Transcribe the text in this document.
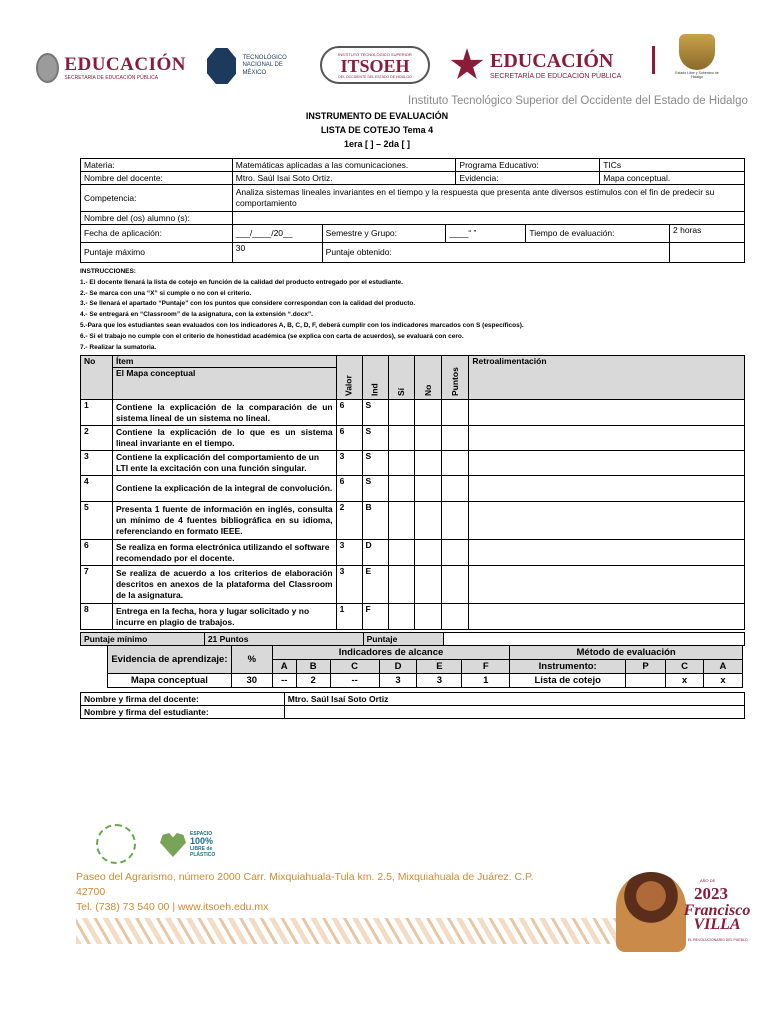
EDUCACIÓN
SECRETARÍA DE EDUCACIÓN PÚBLICA
TECNOLÓGICO
NACIONAL DE MÉXICO
INSTITUTO TECNOLÓGICO SUPERIOR
ITSOEH
DEL OCCIDENTE DEL ESTADO DE HIDALGO
EDUCACIÓN
SECRETARÍA DE EDUCACIÓN PÚBLICA	Estado Libre y Soberano de Hidalgo
Instituto Tecnológico Superior del Occidente del Estado de Hidalgo
INSTRUMENTO DE EVALUACIÓN
LISTA DE COTEJO Tema 4
1era [ ] – 2da [ ]
Materia:	Matemáticas aplicadas a las comunicaciones.			Programa Educativo:		TICs	
Nombre del docente:	Mtro. Saúl Isai Soto Ortiz.			Evidencia:		Mapa conceptual.	
Competencia:	Analiza sistemas lineales invariantes en el tiempo y la respuesta que presenta ante diversos estímulos con el fin de predecir su comportamiento						
Nombre del (os) alumno (s):							
Fecha de aplicación:	___/____/20__	Semestre y Grupo:	____“ ”		Tiempo de evaluación:		2 horas
Puntaje máximo	30	Puntaje obtenido:					
INSTRUCCIONES:
1.- El docente llenará la lista de cotejo en función de la calidad del producto entregado por el estudiante.
2.- Se marca con una “X” si cumple o no con el criterio.
3.- Se llenará el apartado “Puntaje” con los puntos que considere correspondan con la calidad del producto.
4.- Se entregará en “Classroom” de la asignatura, con la extensión “.docx”.
5.-Para que los estudiantes sean evaluados con los indicadores A, B, C, D, F, deberá cumplir con los indicadores marcados con S (específicos).
6.- Si el trabajo no cumple con el criterio de honestidad académica (se explica con carta de acuerdos), se evaluará con cero.
7.- Realizar la sumatoria.
No	Ítem
El Mapa conceptual	Valor	Ind	Sí	No	Puntos	Retroalimentación
1	Contiene la explicación de la comparación de un sistema lineal de un sistema no lineal.	6	S				
2	Contiene la explicación de lo que es un sistema lineal invariante en el tiempo.	6	S				
3	Contiene la explicación del comportamiento de un LTI ente la excitación con una función singular.	3	S				
4	Contiene la explicación de la integral de convolución.	6	S				
5	Presenta 1 fuente de información en inglés, consulta un mínimo de 4 fuentes bibliográfica en su idioma, referenciando en formato IEEE.	2	B				
6	Se realiza en forma electrónica utilizando el software recomendado por el docente.	3	D				
7	Se realiza de acuerdo a los criterios de elaboración descritos en anexos de la plataforma del Classroom de la asignatura.	3	E				
8	Entrega en la fecha, hora y lugar solicitado y no incurre en plagio de trabajos.	1	F				
Puntaje mínimo	21 Puntos	Puntaje	
Evidencia de aprendizaje:	%	Indicadores de alcance						Método de evaluación			
		A	B	C	D	E	F	Instrumento:	P	C	A
Mapa conceptual	30	--	2	--	3	3	1	Lista de cotejo		x	x
Nombre y firma del docente:	Mtro. Saúl Isaí Soto Ortiz
Nombre y firma del estudiante:	
ESPACIO
100%
LIBRE de
PLÁSTICO
Paseo del Agrarismo, número 2000 Carr. Mixquiahuala-Tula km. 2.5, Mixquiahuala de Juárez. C.P.
42700
Tel. (738) 73 540 00 | www.itsoeh.edu.mx
AÑO DE
2023
Francisco
VILLA
EL REVOLUCIONARIO DEL PUEBLO
